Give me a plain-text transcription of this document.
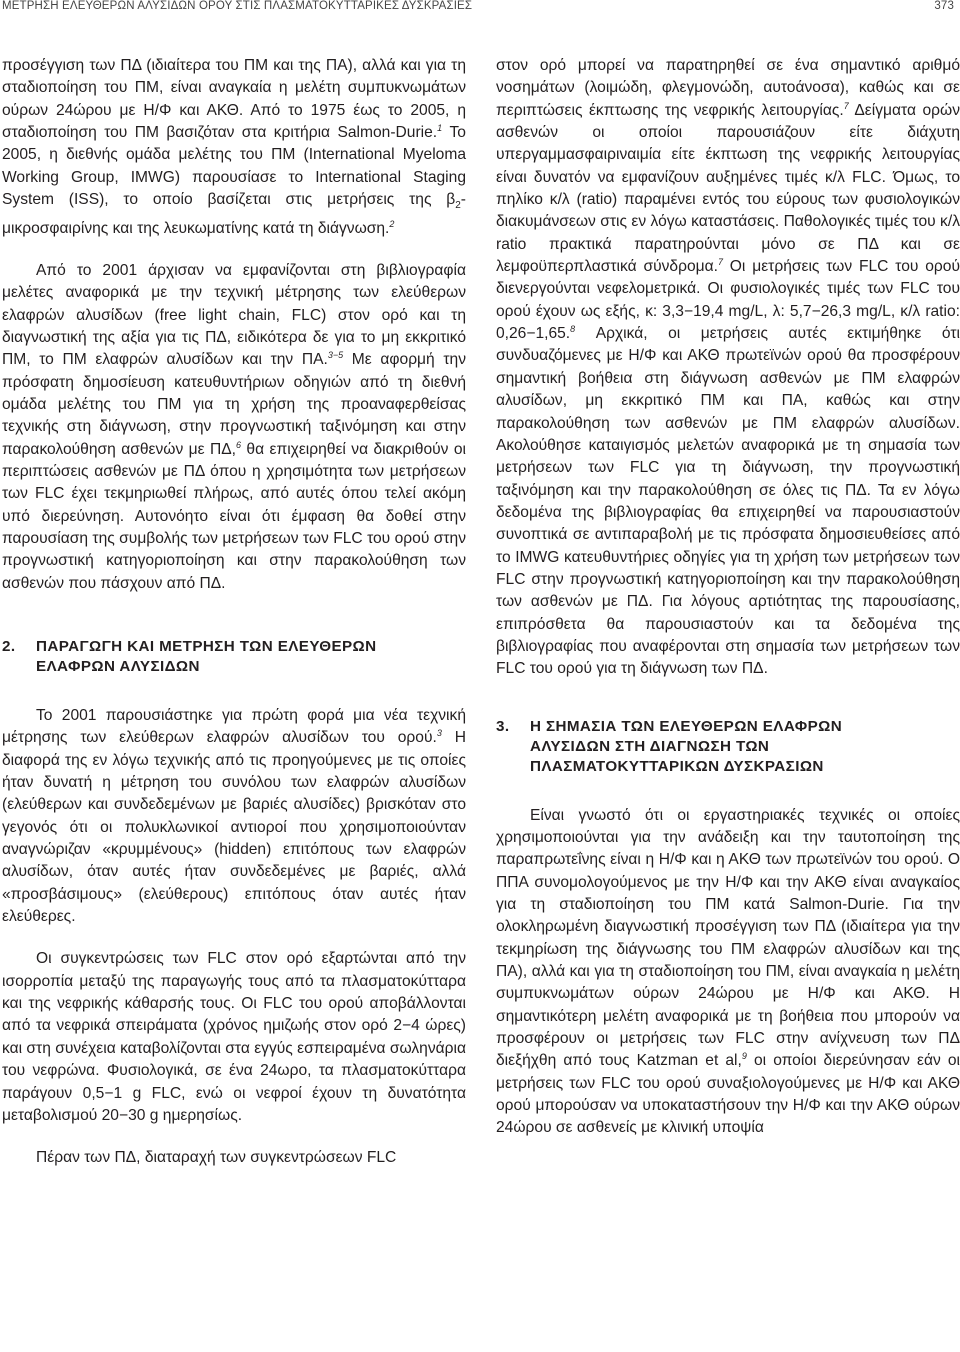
ΜΕΤΡΗΣΗ ΕΛΕΥΘΕΡΩΝ ΑΛΥΣΙΔΩΝ ΟΡΟΥ ΣΤΙΣ ΠΛΑΣΜΑΤΟΚΥΤΤΑΡΙΚΕΣ ΔΥΣΚΡΑΣΙΕΣ	373

προσέγγιση των ΠΔ (ιδιαίτερα του ΠΜ και της ΠΑ), αλλά και για τη σταδιοποίηση του ΠΜ, είναι αναγκαία η μελέτη συμπυκνωμάτων ούρων 24ώρου με Η/Φ και ΑΚΘ. Από το 1975 έως το 2005, η σταδιοποίηση του ΠΜ βασιζόταν στα κριτήρια Salmon-Durie.$^1$ Το 2005, η διεθνής ομάδα μελέτης του ΠΜ (International Myeloma Working Group, IMWG) παρουσίασε το International Staging System (ISS), το οποίο βασίζεται στις μετρήσεις της $\beta_2$-μικροσφαιρίνης και της λευκωματίνης κατά τη διάγνωση.$^2$

Από το 2001 άρχισαν να εμφανίζονται στη βιβλιογραφία μελέτες αναφορικά με την τεχνική μέτρησης των ελεύθερων ελαφρών αλυσίδων (free light chain, FLC) στον ορό και τη διαγνωστική της αξία για τις ΠΔ, ειδικότερα δε για το μη εκκριτικό ΠΜ, το ΠΜ ελαφρών αλυσίδων και την ΠΑ.$^{3-5}$ Με αφορμή την πρόσφατη δημοσίευση κατευθυντήριων οδηγιών από τη διεθνή ομάδα μελέτης του ΠΜ για τη χρήση της προαναφερθείσας τεχνικής στη διάγνωση, στην προγνωστική ταξινόμηση και στην παρακολούθηση ασθενών με ΠΔ,$^6$ θα επιχειρηθεί να διακριθούν οι περιπτώσεις ασθενών με ΠΔ όπου η χρησιμότητα των μετρήσεων των FLC έχει τεκμηριωθεί πλήρως, από αυτές όπου τελεί ακόμη υπό διερεύνηση. Αυτονόητο είναι ότι έμφαση θα δοθεί στην παρουσίαση της συμβολής των μετρήσεων των FLC του ορού στην προγνωστική κατηγοριοποίηση και στην παρακολούθηση των ασθενών που πάσχουν από ΠΔ.

2. ΠΑΡΑΓΩΓΗ ΚΑΙ ΜΕΤΡΗΣΗ ΤΩΝ ΕΛΕΥΘΕΡΩΝ
ΕΛΑΦΡΩΝ ΑΛΥΣΙΔΩΝ

Το 2001 παρουσιάστηκε για πρώτη φορά μια νέα τεχνική μέτρησης των ελεύθερων ελαφρών αλυσίδων του ορού.$^3$ Η διαφορά της εν λόγω τεχνικής από τις προηγούμενες με τις οποίες ήταν δυνατή η μέτρηση του συνόλου των ελαφρών αλυσίδων (ελεύθερων και συνδεδεμένων με βαριές αλυσίδες) βρισκόταν στο γεγονός ότι οι πολυκλωνικοί αντιοροί που χρησιμοποιούνταν αναγνώριζαν «κρυμμένους» (hidden) επιτόπους των ελαφρών αλυσίδων, όταν αυτές ήταν συνδεδεμένες με βαριές, αλλά «προσβάσιμους» (ελεύθερους) επιτόπους όταν αυτές ήταν ελεύθερες.

Οι συγκεντρώσεις των FLC στον ορό εξαρτώνται από την ισορροπία μεταξύ της παραγωγής τους από τα πλασματοκύτταρα και της νεφρικής κάθαρσής τους. Οι FLC του ορού αποβάλλονται από τα νεφρικά σπειράματα (χρόνος ημιζωής στον ορό 2−4 ώρες) και στη συνέχεια καταβολίζονται στα εγγύς εσπειραμένα σωληνάρια του νεφρώνα. Φυσιολογικά, σε ένα 24ωρο, τα πλασματοκύτταρα παράγουν 0,5−1 g FLC, ενώ οι νεφροί έχουν τη δυνατότητα μεταβολισμού 20−30 g ημερησίως.

Πέραν των ΠΔ, διαταραχή των συγκεντρώσεων FLC

στον ορό μπορεί να παρατηρηθεί σε ένα σημαντικό αριθμό νοσημάτων (λοιμώδη, φλεγμονώδη, αυτοάνοσα), καθώς και σε περιπτώσεις έκπτωσης της νεφρικής λειτουργίας.$^7$ Δείγματα ορών ασθενών οι οποίοι παρουσιάζουν είτε διάχυτη υπεργαμμασφαιριναιμία είτε έκπτωση της νεφρικής λειτουργίας είναι δυνατόν να εμφανίζουν αυξημένες τιμές κ/λ FLC. Όμως, το πηλίκο κ/λ (ratio) παραμένει εντός του εύρους των φυσιολογικών διακυμάνσεων στις εν λόγω καταστάσεις. Παθολογικές τιμές του κ/λ ratio πρακτικά παρατηρούνται μόνο σε ΠΔ και σε λεμφοϋπερπλαστικά σύνδρομα.$^7$ Οι μετρήσεις των FLC του ορού διενεργούνται νεφελομετρικά. Οι φυσιολογικές τιμές των FLC του ορού έχουν ως εξής, κ: 3,3−19,4 mg/L, λ: 5,7−26,3 mg/L, κ/λ ratio: 0,26−1,65.$^8$ Αρχικά, οι μετρήσεις αυτές εκτιμήθηκε ότι συνδυαζόμενες με Η/Φ και ΑΚΘ πρωτεϊνών ορού θα προσφέρουν σημαντική βοήθεια στη διάγνωση ασθενών με ΠΜ ελαφρών αλυσίδων, μη εκκριτικό ΠΜ και ΠΑ, καθώς και στην παρακολούθηση των ασθενών με ΠΜ ελαφρών αλυσίδων. Ακολούθησε καταιγισμός μελετών αναφορικά με τη σημασία των μετρήσεων των FLC για τη διάγνωση, την προγνωστική ταξινόμηση και την παρακολούθηση σε όλες τις ΠΔ. Τα εν λόγω δεδομένα της βιβλιογραφίας θα επιχειρηθεί να παρουσιαστούν συνοπτικά σε αντιπαραβολή με τις πρόσφατα δημοσιευθείσες από το IMWG κατευθυντήριες οδηγίες για τη χρήση των μετρήσεων των FLC στην προγνωστική κατηγοριοποίηση και την παρακολούθηση των ασθενών με ΠΔ. Για λόγους αρτιότητας της παρουσίασης, επιπρόσθετα θα παρουσιαστούν και τα δεδομένα της βιβλιογραφίας που αναφέρονται στη σημασία των μετρήσεων των FLC του ορού για τη διάγνωση των ΠΔ.

3. Η ΣΗΜΑΣΙΑ ΤΩΝ ΕΛΕΥΘΕΡΩΝ ΕΛΑΦΡΩΝ
ΑΛΥΣΙΔΩΝ ΣΤΗ ΔΙΑΓΝΩΣΗ ΤΩΝ
ΠΛΑΣΜΑΤΟΚΥΤΤΑΡΙΚΩΝ ΔΥΣΚΡΑΣΙΩΝ

Είναι γνωστό ότι οι εργαστηριακές τεχνικές οι οποίες χρησιμοποιούνται για την ανάδειξη και την ταυτοποίηση της παραπρωτεΐνης είναι η Η/Φ και η ΑΚΘ των πρωτεϊνών του ορού. Ο ΠΠΑ συνομολογούμενος με την Η/Φ και την ΑΚΘ είναι αναγκαίος για τη σταδιοποίηση του ΠΜ κατά Salmon-Durie. Για την ολοκληρωμένη διαγνωστική προσέγγιση των ΠΔ (ιδιαίτερα για την τεκμηρίωση της διάγνωσης του ΠΜ ελαφρών αλυσίδων και της ΠΑ), αλλά και για τη σταδιοποίηση του ΠΜ, είναι αναγκαία η μελέτη συμπυκνωμάτων ούρων 24ώρου με Η/Φ και ΑΚΘ. Η σημαντικότερη μελέτη αναφορικά με τη βοήθεια που μπορούν να προσφέρουν οι μετρήσεις των FLC στην ανίχνευση των ΠΔ διεξήχθη από τους Katzman et al,$^9$ οι οποίοι διερεύνησαν εάν οι μετρήσεις των FLC του ορού συναξιολογούμενες με Η/Φ και ΑΚΘ ορού μπορούσαν να υποκαταστήσουν την Η/Φ και την ΑΚΘ ούρων 24ώρου σε ασθενείς με κλινική υποψία
